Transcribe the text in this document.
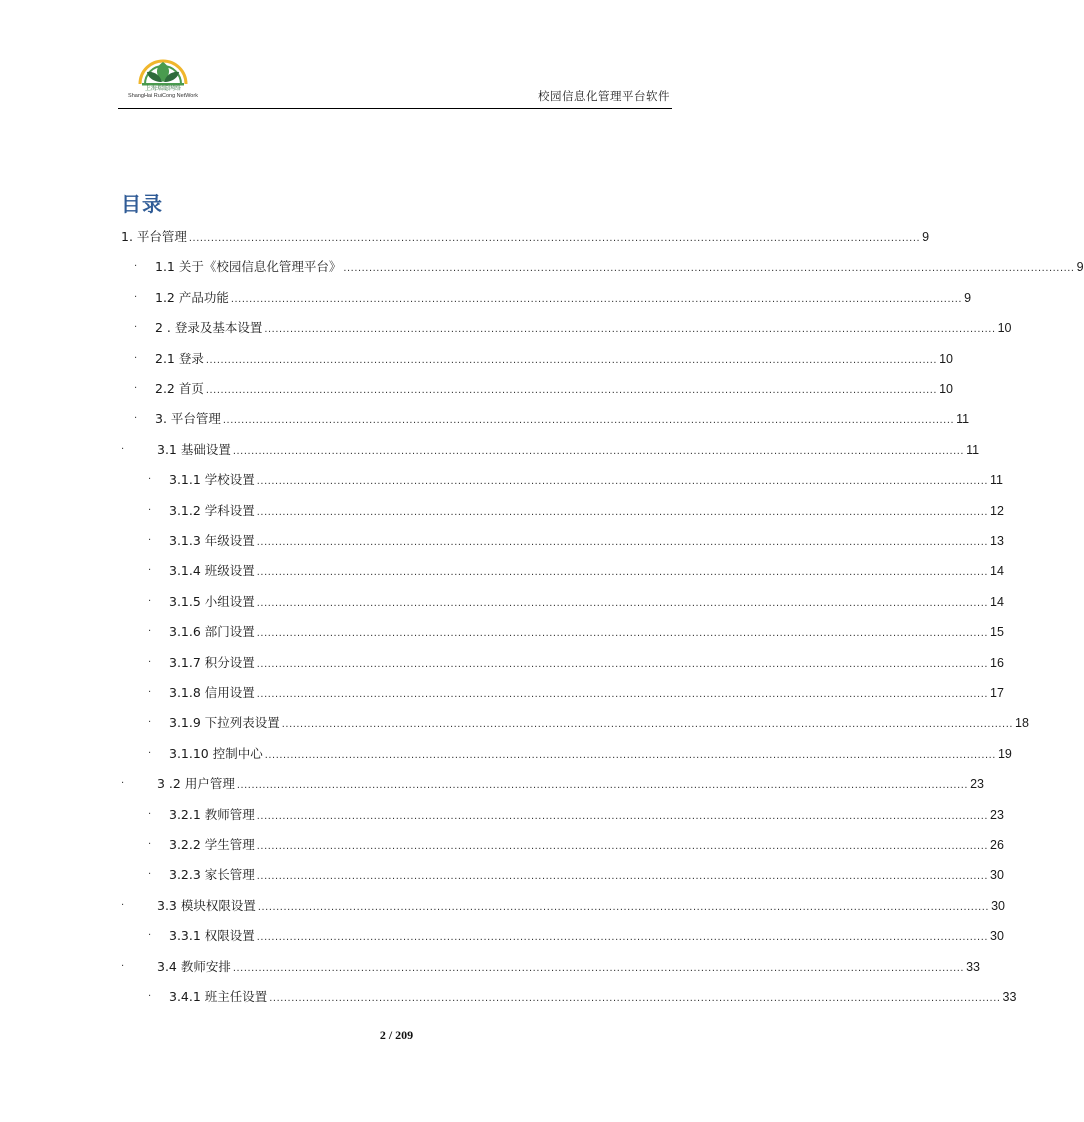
上海瑞聪网络
ShangHai RuiCong NetWork	校园信息化管理平台软件
目录
1. 平台管理 ........................................................................................................................................................................................................ 9
· 1.1 关于《校园信息化管理平台》 ........................................................................................................................................................................................................ 9
· 1.2 产品功能 ........................................................................................................................................................................................................ 9
· 2 . 登录及基本设置 ........................................................................................................................................................................................................ 10
· 2.1 登录 ........................................................................................................................................................................................................ 10
· 2.2 首页 ........................................................................................................................................................................................................ 10
· 3. 平台管理 ........................................................................................................................................................................................................ 11
·	3.1 基础设置 ........................................................................................................................................................................................................ 11
· 3.1.1 学校设置 ........................................................................................................................................................................................................ 11
· 3.1.2 学科设置 ........................................................................................................................................................................................................ 12
· 3.1.3 年级设置 ........................................................................................................................................................................................................ 13
· 3.1.4 班级设置 ........................................................................................................................................................................................................ 14
· 3.1.5 小组设置 ........................................................................................................................................................................................................ 14
· 3.1.6 部门设置 ........................................................................................................................................................................................................ 15
· 3.1.7 积分设置 ........................................................................................................................................................................................................ 16
· 3.1.8 信用设置 ........................................................................................................................................................................................................ 17
· 3.1.9 下拉列表设置 ........................................................................................................................................................................................................ 18
· 3.1.10 控制中心 ........................................................................................................................................................................................................ 19
·	3 .2 用户管理 ........................................................................................................................................................................................................ 23
· 3.2.1 教师管理 ........................................................................................................................................................................................................ 23
· 3.2.2 学生管理 ........................................................................................................................................................................................................ 26
· 3.2.3 家长管理 ........................................................................................................................................................................................................ 30
·	3.3 模块权限设置 ........................................................................................................................................................................................................ 30
· 3.3.1 权限设置 ........................................................................................................................................................................................................ 30
·	3.4 教师安排 ........................................................................................................................................................................................................ 33
· 3.4.1 班主任设置 ........................................................................................................................................................................................................ 33
2 / 209
